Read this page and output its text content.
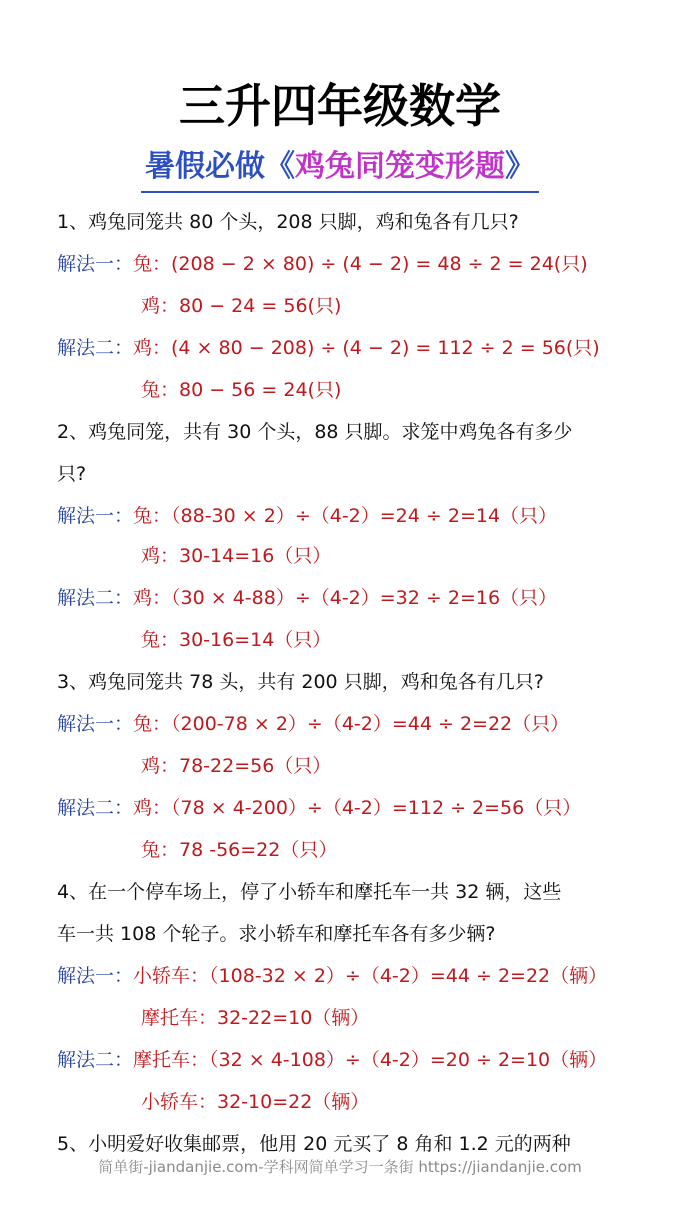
三升四年级数学
暑假必做《鸡兔同笼变形题》
1、鸡兔同笼共 80 个头，208 只脚，鸡和兔各有几只?
解法一：兔：(208 − 2 × 80) ÷ (4 − 2) = 48 ÷ 2 = 24(只)
鸡：80 − 24 = 56(只)
解法二：鸡：(4 × 80 − 208) ÷ (4 − 2) = 112 ÷ 2 = 56(只)
兔：80 − 56 = 24(只)
2、鸡兔同笼，共有 30 个头，88 只脚。求笼中鸡兔各有多少
只?
解法一：兔：（88-30 × 2）÷（4-2）=24 ÷ 2=14（只）
鸡：30-14=16（只）
解法二：鸡：（30 × 4-88）÷（4-2）=32 ÷ 2=16（只）
兔：30-16=14（只）
3、鸡兔同笼共 78 头，共有 200 只脚，鸡和兔各有几只?
解法一：兔：（200-78 × 2）÷（4-2）=44 ÷ 2=22（只）
鸡：78-22=56（只）
解法二：鸡：（78 × 4-200）÷（4-2）=112 ÷ 2=56（只）
兔：78 -56=22（只）
4、在一个停车场上，停了小轿车和摩托车一共 32 辆，这些
车一共 108 个轮子。求小轿车和摩托车各有多少辆?
解法一：小轿车：（108-32 × 2）÷（4-2）=44 ÷ 2=22（辆）
摩托车：32-22=10（辆）
解法二：摩托车：（32 × 4-108）÷（4-2）=20 ÷ 2=10（辆）
小轿车：32-10=22（辆）
5、小明爱好收集邮票，他用 20 元买了 8 角和 1.2 元的两种
简单街-jiandanjie.com-学科网简单学习一条街 https://jiandanjie.com
